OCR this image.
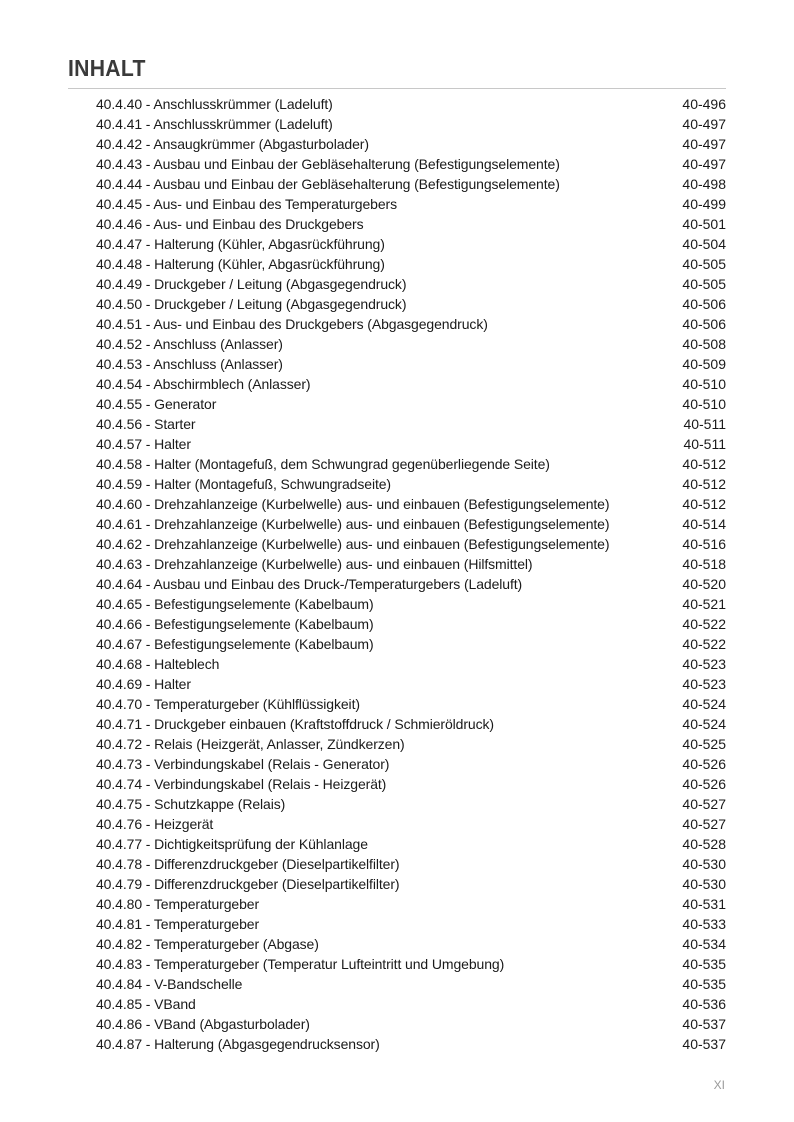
INHALT
40.4.40 - Anschlusskrümmer (Ladeluft)	40-496
40.4.41 - Anschlusskrümmer (Ladeluft)	40-497
40.4.42 - Ansaugkrümmer (Abgasturbolader)	40-497
40.4.43 - Ausbau und Einbau der Gebläsehalterung (Befestigungselemente)	40-497
40.4.44 - Ausbau und Einbau der Gebläsehalterung (Befestigungselemente)	40-498
40.4.45 - Aus- und Einbau des Temperaturgebers	40-499
40.4.46 - Aus- und Einbau des Druckgebers	40-501
40.4.47 - Halterung (Kühler, Abgasrückführung)	40-504
40.4.48 - Halterung (Kühler, Abgasrückführung)	40-505
40.4.49 - Druckgeber / Leitung (Abgasgegendruck)	40-505
40.4.50 - Druckgeber / Leitung (Abgasgegendruck)	40-506
40.4.51 - Aus- und Einbau des Druckgebers (Abgasgegendruck)	40-506
40.4.52 - Anschluss (Anlasser)	40-508
40.4.53 - Anschluss (Anlasser)	40-509
40.4.54 - Abschirmblech (Anlasser)	40-510
40.4.55 - Generator	40-510
40.4.56 - Starter	40-511
40.4.57 - Halter	40-511
40.4.58 - Halter (Montagefuß, dem Schwungrad gegenüberliegende Seite)	40-512
40.4.59 - Halter (Montagefuß, Schwungradseite)	40-512
40.4.60 - Drehzahlanzeige (Kurbelwelle) aus- und einbauen (Befestigungselemente)	40-512
40.4.61 - Drehzahlanzeige (Kurbelwelle) aus- und einbauen (Befestigungselemente)	40-514
40.4.62 - Drehzahlanzeige (Kurbelwelle) aus- und einbauen (Befestigungselemente)	40-516
40.4.63 - Drehzahlanzeige (Kurbelwelle) aus- und einbauen (Hilfsmittel)	40-518
40.4.64 - Ausbau und Einbau des Druck-/Temperaturgebers (Ladeluft)	40-520
40.4.65 - Befestigungselemente (Kabelbaum)	40-521
40.4.66 - Befestigungselemente (Kabelbaum)	40-522
40.4.67 - Befestigungselemente (Kabelbaum)	40-522
40.4.68 - Halteblech	40-523
40.4.69 - Halter	40-523
40.4.70 - Temperaturgeber (Kühlflüssigkeit)	40-524
40.4.71 - Druckgeber einbauen (Kraftstoffdruck / Schmieröldruck)	40-524
40.4.72 - Relais (Heizgerät, Anlasser, Zündkerzen)	40-525
40.4.73 - Verbindungskabel (Relais - Generator)	40-526
40.4.74 - Verbindungskabel (Relais - Heizgerät)	40-526
40.4.75 - Schutzkappe (Relais)	40-527
40.4.76 - Heizgerät	40-527
40.4.77 - Dichtigkeitsprüfung der Kühlanlage	40-528
40.4.78 - Differenzdruckgeber (Dieselpartikelfilter)	40-530
40.4.79 - Differenzdruckgeber (Dieselpartikelfilter)	40-530
40.4.80 - Temperaturgeber	40-531
40.4.81 - Temperaturgeber	40-533
40.4.82 - Temperaturgeber (Abgase)	40-534
40.4.83 - Temperaturgeber (Temperatur Lufteintritt und Umgebung)	40-535
40.4.84 - V-Bandschelle	40-535
40.4.85 - VBand	40-536
40.4.86 - VBand (Abgasturbolader)	40-537
40.4.87 - Halterung (Abgasgegendrucksensor)	40-537
XI
